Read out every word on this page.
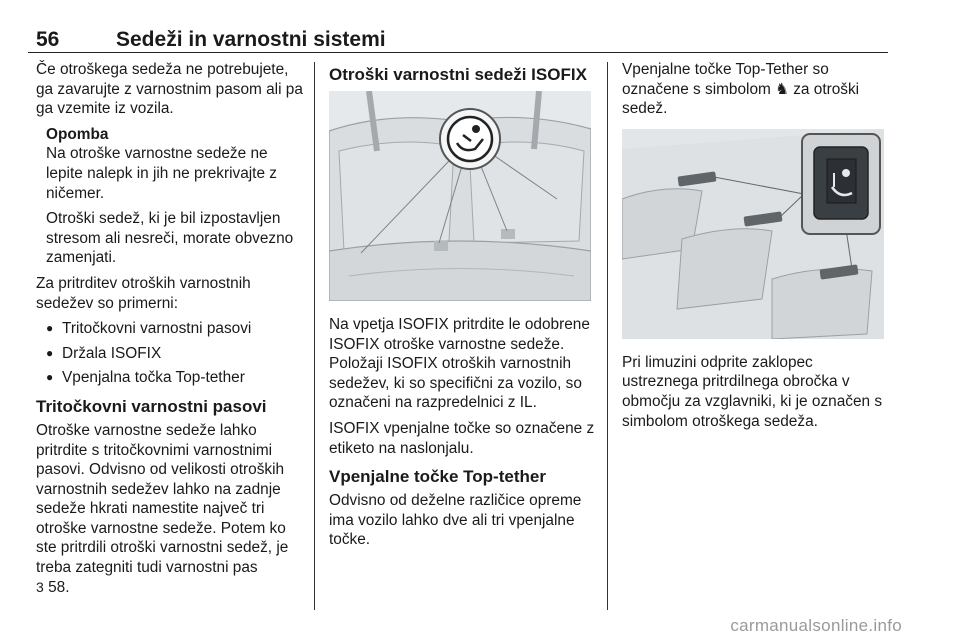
56	Sedeži in varnostni sistemi

Če otroškega sedeža ne potrebujete, ga zavarujte z varnostnim pasom ali pa ga vzemite iz vozila.

Opomba

Na otroške varnostne sedeže ne lepite nalepk in jih ne prekrivajte z ničemer.

Otroški sedež, ki je bil izpostavljen stresom ali nesreči, morate obvezno zamenjati.

Za pritrditev otroških varnostnih sedežev so primerni:

● Tritočkovni varnostni pasovi
● Držala ISOFIX
● Vpenjalna točka Top-tether
Tritočkovni varnostni pasovi

Otroške varnostne sedeže lahko pritrdite s tritočkovnimi varnostnimi pasovi. Odvisno od velikosti otroških varnostnih sedežev lahko na zadnje sedeže hkrati namestite največ tri otroške varnostne sedeže. Potem ko ste pritrdili otroški varnostni sedež, je treba zategniti tudi varnostni pas
3 58.

Otroški varnostni sedeži ISOFIX

Na vpetja ISOFIX pritrdite le odobrene ISOFIX otroške varnostne sedeže. Položaji ISOFIX otroških varnostnih sedežev, ki so specifični za vozilo, so označeni na razpredelnici z IL.

ISOFIX vpenjalne točke so označene z etiketo na naslonjalu.

Vpenjalne točke Top-tether

Odvisno od deželne različice opreme ima vozilo lahko dve ali tri vpenjalne točke.

Vpenjalne točke Top-Tether so označene s simbolom ♞ za otroški sedež.

Pri limuzini odprite zaklopec ustreznega pritrdilnega obročka v območju za vzglavniki, ki je označen s simbolom otroškega sedeža.

carmanualsonline.info
